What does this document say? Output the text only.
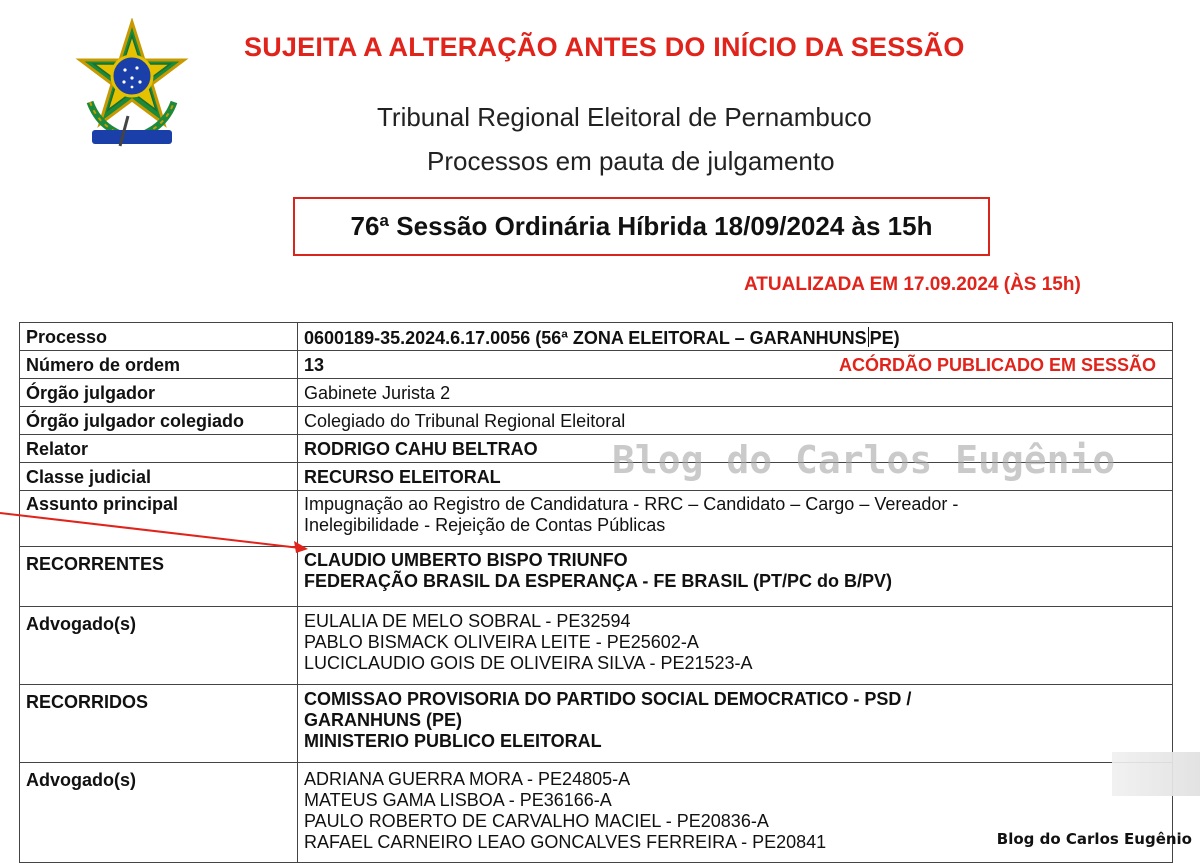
SUJEITA A ALTERAÇÃO ANTES DO INÍCIO DA SESSÃO
Tribunal Regional Eleitoral de Pernambuco
Processos em pauta de julgamento
76ª Sessão Ordinária Híbrida 18/09/2024 às 15h
ATUALIZADA EM 17.09.2024 (ÀS 15h)
Processo	0600189-35.2024.6.17.0056 (56ª ZONA ELEITORAL – GARANHUNS PE)
Número de ordem	13 ACÓRDÃO PUBLICADO EM SESSÃO

Órgão julgador	Gabinete Jurista 2
Órgão julgador colegiado	Colegiado do Tribunal Regional Eleitoral
Relator	RODRIGO CAHU BELTRAO
Classe judicial	RECURSO ELEITORAL
Assunto principal	Impugnação ao Registro de Candidatura - RRC – Candidato – Cargo – Vereador -
Inelegibilidade - Rejeição de Contas Públicas

RECORRENTES	CLAUDIO UMBERTO BISPO TRIUNFO
FEDERAÇÃO BRASIL DA ESPERANÇA - FE BRASIL (PT/PC do B/PV)

Advogado(s)	EULALIA DE MELO SOBRAL - PE32594
PABLO BISMACK OLIVEIRA LEITE - PE25602-A
LUCICLAUDIO GOIS DE OLIVEIRA SILVA - PE21523-A

RECORRIDOS	COMISSAO PROVISORIA DO PARTIDO SOCIAL DEMOCRATICO - PSD /
GARANHUNS (PE)
MINISTERIO PUBLICO ELEITORAL

Advogado(s)	ADRIANA GUERRA MORA - PE24805-A
MATEUS GAMA LISBOA - PE36166-A
PAULO ROBERTO DE CARVALHO MACIEL - PE20836-A
RAFAEL CARNEIRO LEAO GONCALVES FERREIRA - PE20841
Blog do Carlos Eugênio
Blog do Carlos Eugênio
